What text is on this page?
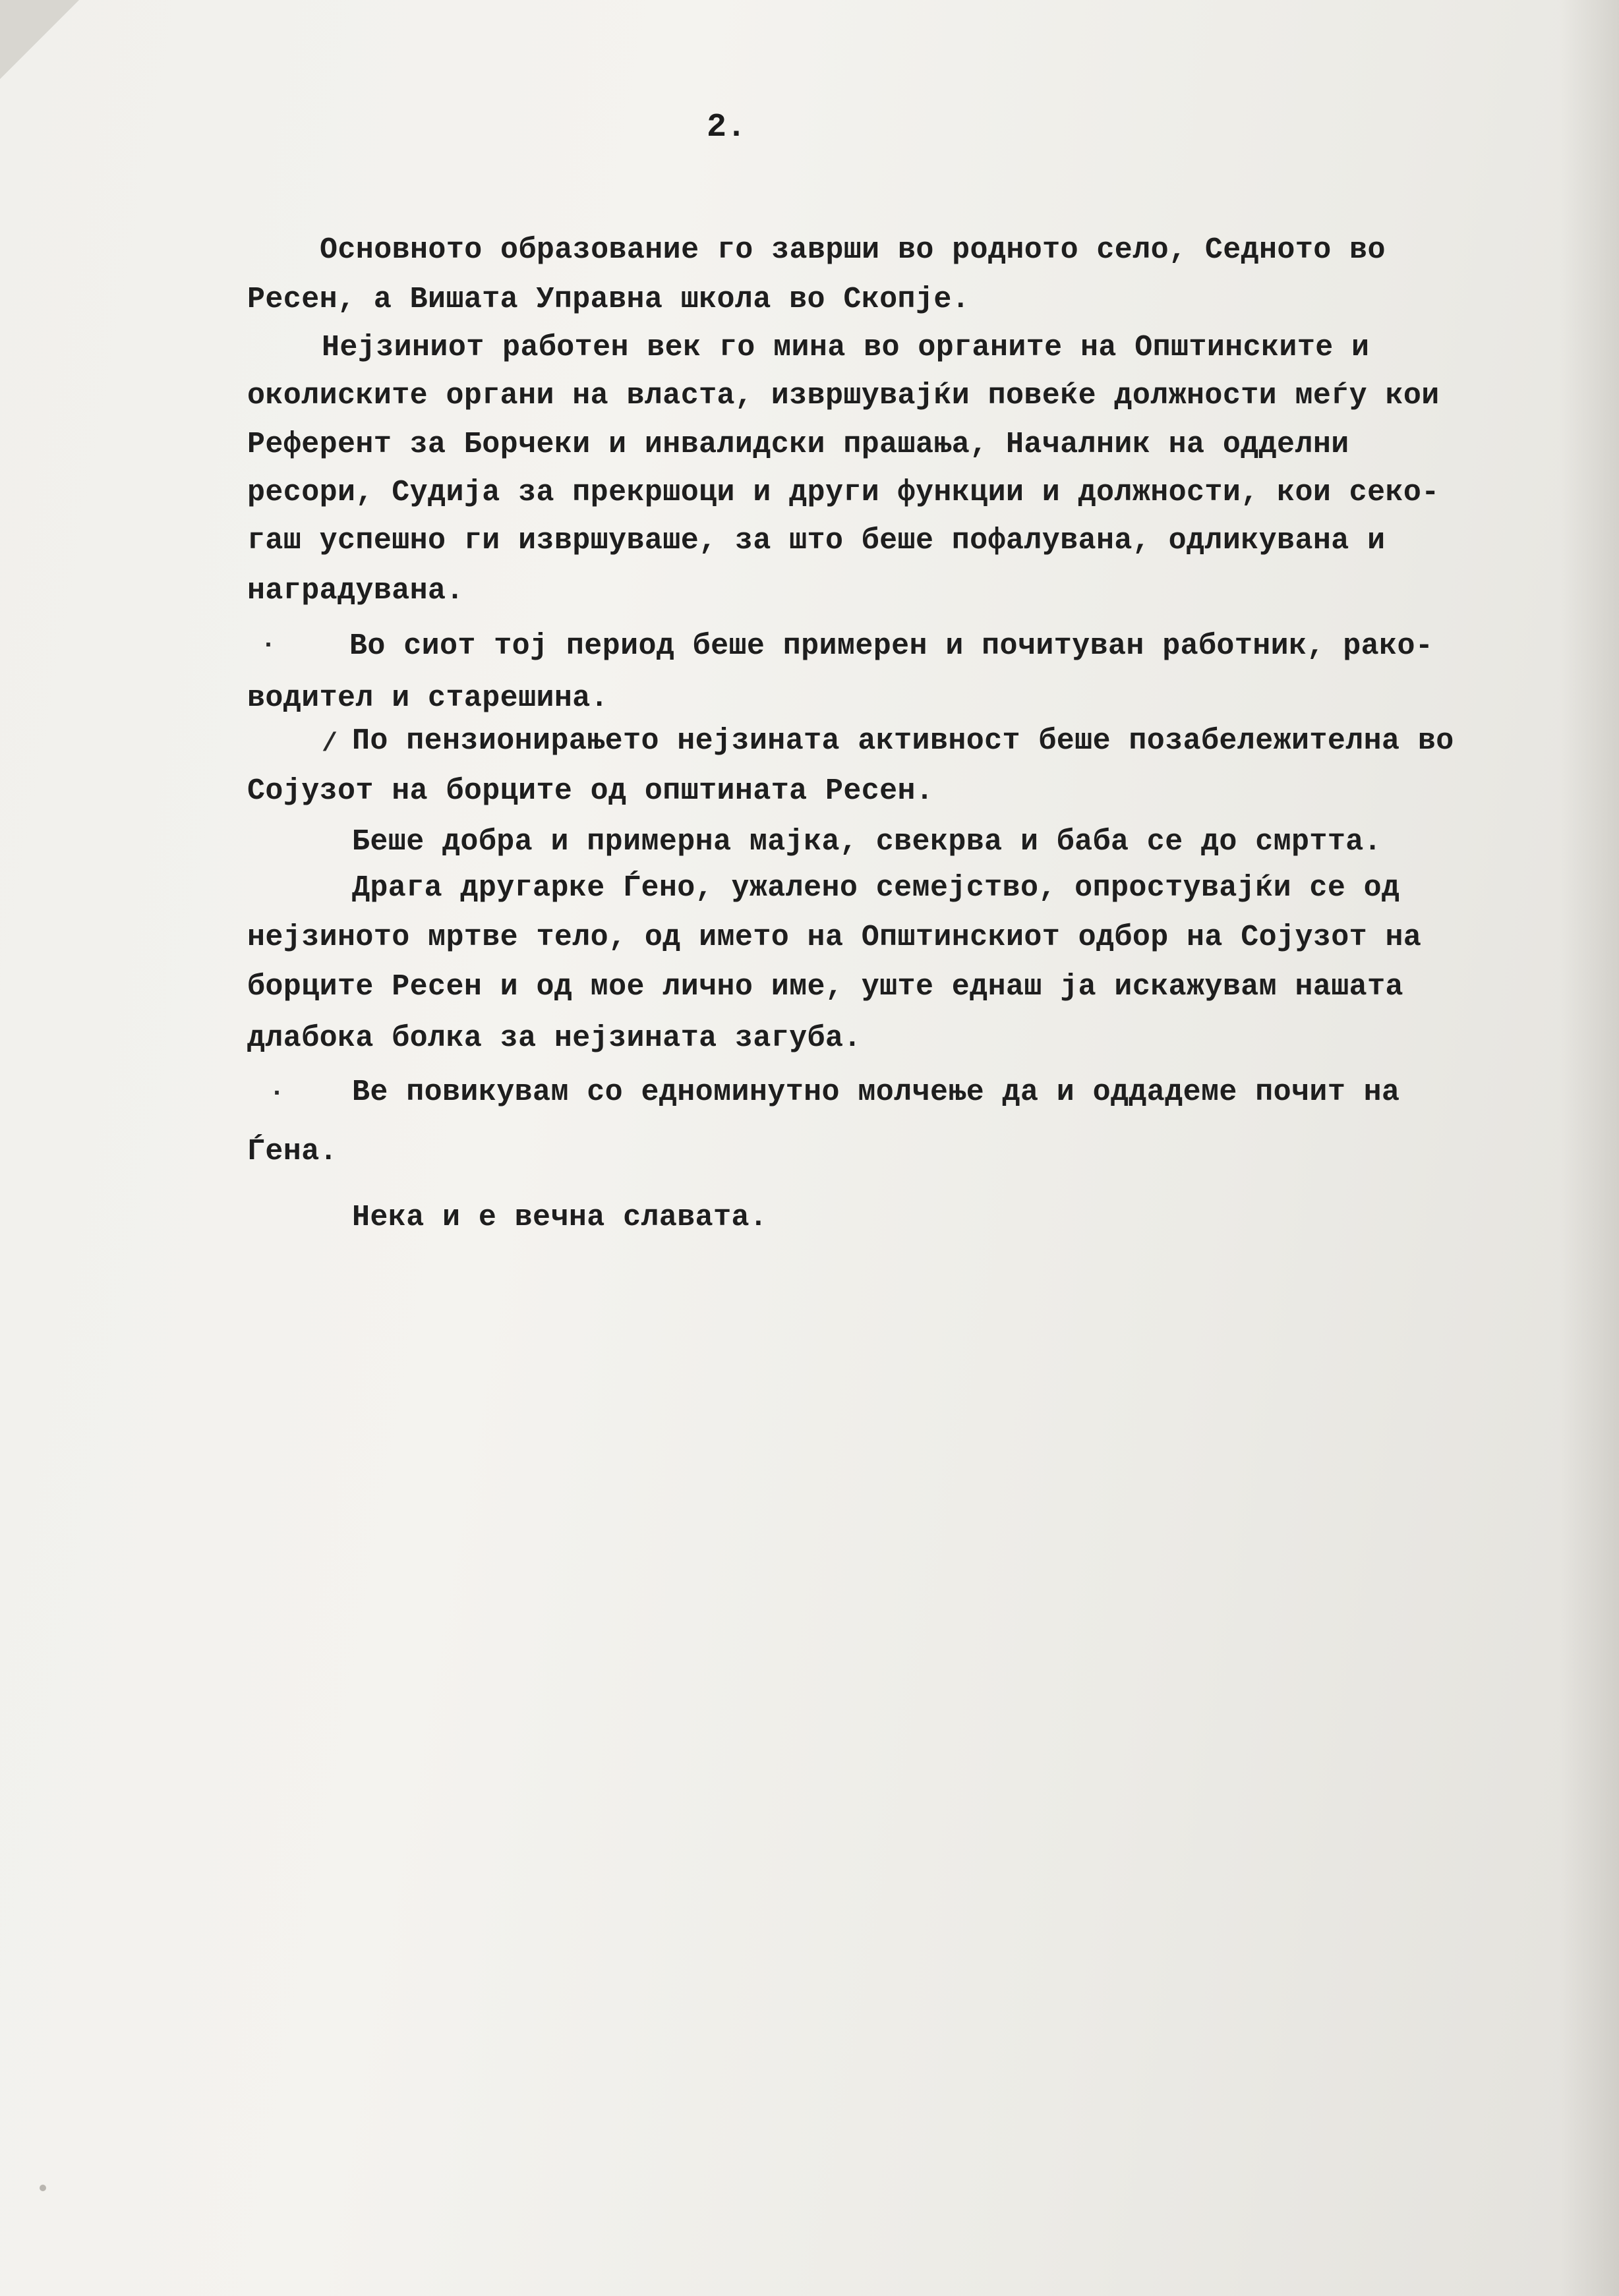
2.
Основното образование го заврши во родното село, Седното во
Ресен, а Вишата Управна школа во Скопје.
Нејзиниот работен век го мина во органите на Општинските и
околиските органи на власта, извршувајќи повеќе должности меѓу кои
Референт за Борчеки и инвалидски прашања, Началник на одделни
ресори, Судија за прекршоци и други функции и должности, кои секо-
гаш успешно ги извршуваше, за што беше пофалувана, одликувана и
наградувана.
Во сиот тој период беше примерен и почитуван работник, рако-
водител и старешина.
По пензионирањето нејзината активност беше позабележителна во
Сојузот на борците од општината Ресен.
Беше добра и примерна мајка, свекрва и баба се до смртта.
Драга другарке Ѓено, ужалено семејство, опростувајќи се од
нејзиното мртве тело, од името на Општинскиот одбор на Сојузот на
борците Ресен и од мое лично име, уште еднаш ја искажувам нашата
длабока болка за нејзината загуба.
Ве повикувам со едноминутно молчење да и оддадеме почит на
Ѓена.
Нека и е вечна славата.
·
/
·
